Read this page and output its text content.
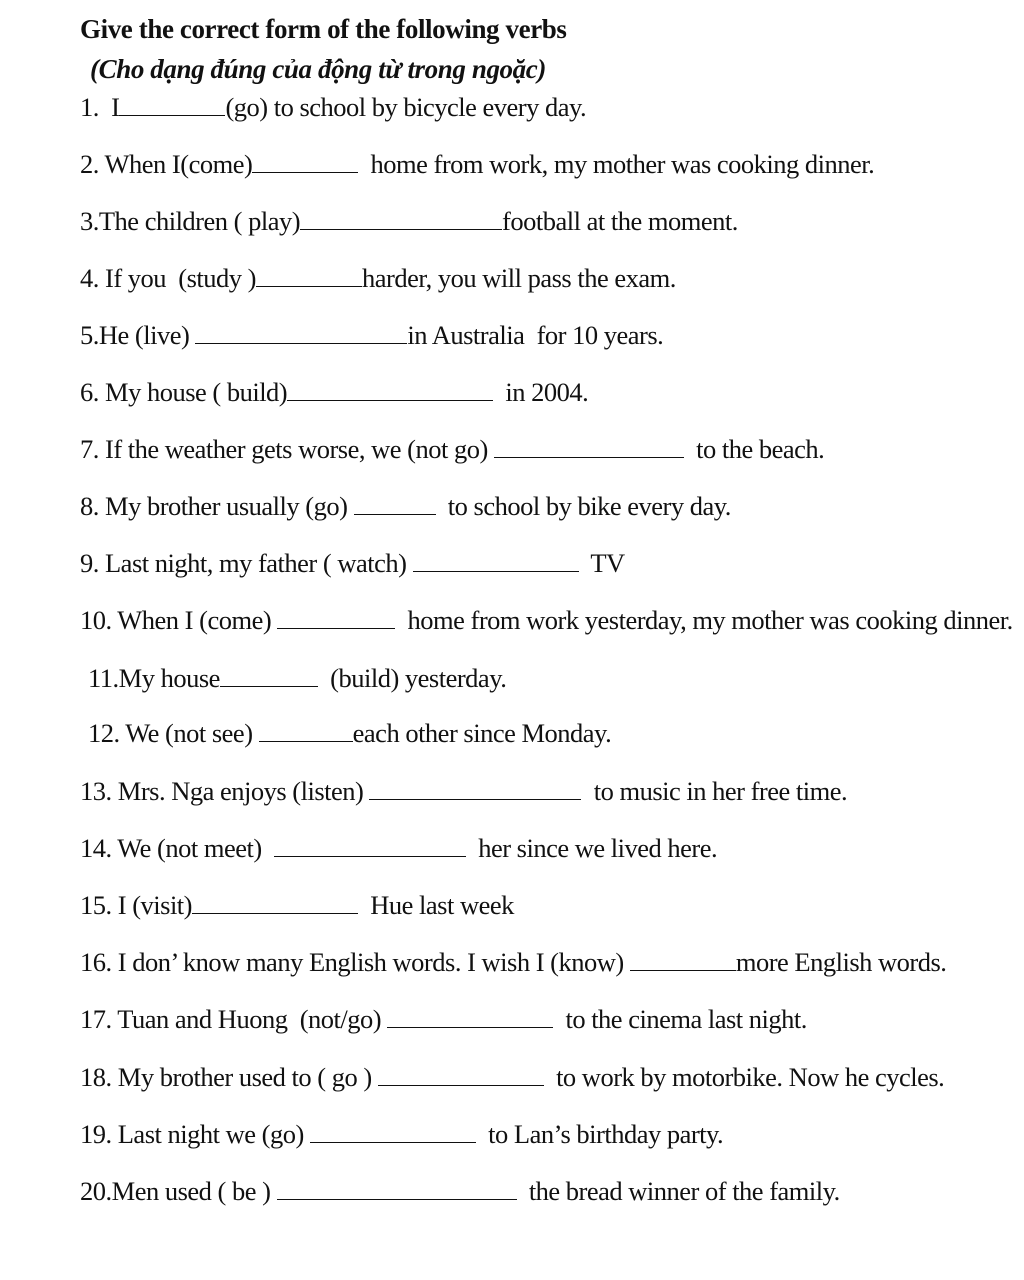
Give the correct form of the following verbs
(Cho dạng đúng của động từ trong ngoặc)
1.  I	(go) to school by bicycle every day.
2. When I(come)	home from work, my mother was cooking dinner.
3.The children ( play)	football at the moment.
4. If you  (study )	harder, you will pass the exam.
5.He (live)	in Australia  for 10 years.
6. My house ( build)	in 2004.
7. If the weather gets worse, we (not go)	to the beach.
8. My brother usually (go)	to school by bike every day.
9. Last night, my father ( watch)	TV
10. When I (come)	home from work yesterday, my mother was cooking dinner.
11.My house	(build) yesterday.
12. We (not see)	each other since Monday.
13. Mrs. Nga enjoys (listen)	to music in her free time.
14. We (not meet)	her since we lived here.
15. I (visit)	Hue last week
16. I don’ know many English words. I wish I (know)	more English words.
17. Tuan and Huong  (not/go)	to the cinema last night.
18. My brother used to ( go )	to work by motorbike. Now he cycles.
19. Last night we (go)	to Lan’s birthday party.
20.Men used ( be )	the bread winner of the family.
